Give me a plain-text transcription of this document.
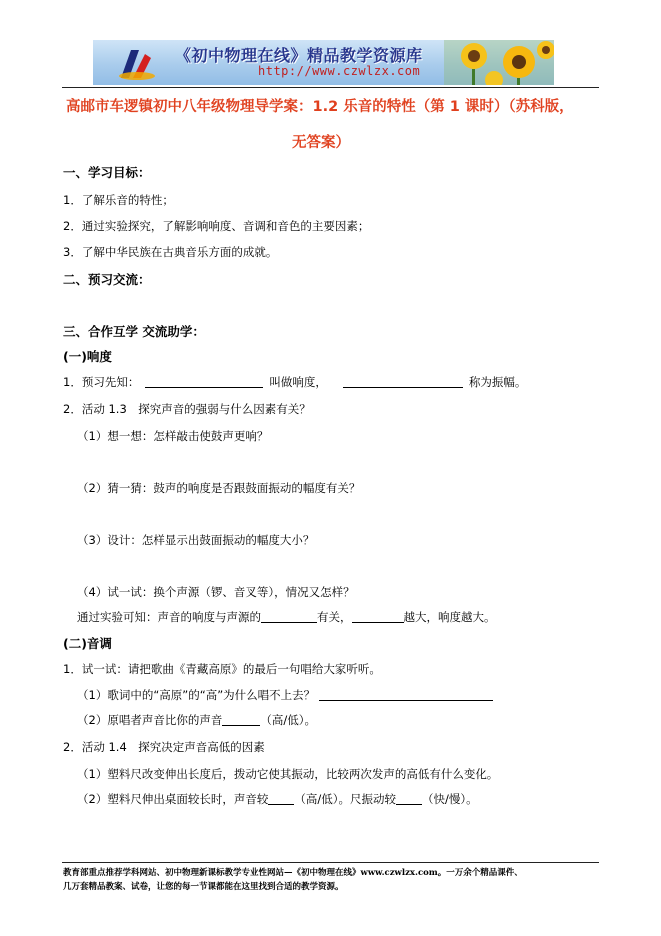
《初中物理在线》精品教学资源库
http://www.czwlzx.com
高邮市车逻镇初中八年级物理导学案：1.2 乐音的特性（第 1 课时）（苏科版，
无答案）
一、学习目标：
1．了解乐音的特性；
2．通过实验探究，了解影响响度、音调和音色的主要因素；
3．了解中华民族在古典音乐方面的成就。
二、预习交流：
三、合作互学 交流助学：
(一)响度
1．预习先知：	叫做响度，	称为振幅。
2．活动 1.3　探究声音的强弱与什么因素有关？
（1）想一想：怎样敲击使鼓声更响？
（2）猜一猜：鼓声的响度是否跟鼓面振动的幅度有关？
（3）设计：怎样显示出鼓面振动的幅度大小？
（4）试一试：换个声源（锣、音叉等），情况又怎样？
通过实验可知：声音的响度与声源的	有关，	越大，响度越大。
(二)音调
1．试一试：请把歌曲《青藏高原》的最后一句唱给大家听听。
（1）歌词中的“高原”的“高”为什么唱不上去？
（2）原唱者声音比你的声音	（高/低）。
2．活动 1.4　探究决定声音高低的因素
（1）塑料尺改变伸出长度后，拨动它使其振动，比较两次发声的高低有什么变化。
（2）塑料尺伸出桌面较长时，声音较 （高/低）。尺振动较 （快/慢）。
教育部重点推荐学科网站、初中物理新课标教学专业性网站—《初中物理在线》www.czwlzx.com。一万余个精品课件、
几万套精品教案、试卷，让您的每一节课都能在这里找到合适的教学资源。
